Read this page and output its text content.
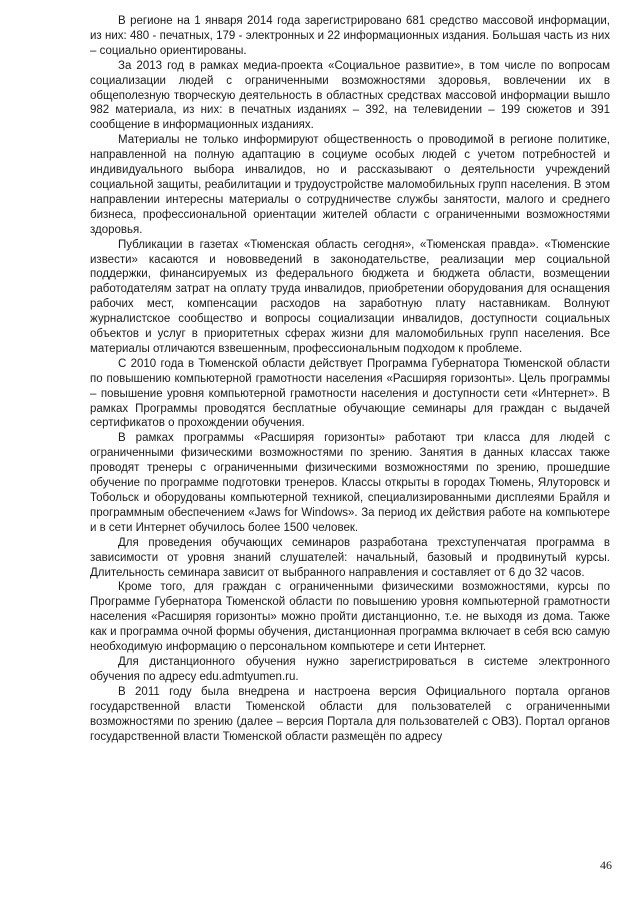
В регионе на 1 января 2014 года зарегистрировано 681 средство массовой информации, из них: 480 - печатных, 179 - электронных и 22 информационных издания. Большая часть из них – социально ориентированы.

За 2013 год в рамках медиа-проекта «Социальное развитие», в том числе по вопросам социализации людей с ограниченными возможностями здоровья, вовлечении их в общеполезную творческую деятельность в областных средствах массовой информации вышло 982 материала, из них: в печатных изданиях – 392, на телевидении – 199 сюжетов и 391 сообщение в информационных изданиях.

Материалы не только информируют общественность о проводимой в регионе политике, направленной на полную адаптацию в социуме особых людей с учетом потребностей и индивидуального выбора инвалидов, но и рассказывают о деятельности учреждений социальной защиты, реабилитации и трудоустройстве маломобильных групп населения. В этом направлении интересны материалы о сотрудничестве службы занятости, малого и среднего бизнеса, профессиональной ориентации жителей области с ограниченными возможностями здоровья.

Публикации в газетах «Тюменская область сегодня», «Тюменская правда». «Тюменские извести» касаются и нововведений в законодательстве, реализации мер социальной поддержки, финансируемых из федерального бюджета и бюджета области, возмещении работодателям затрат на оплату труда инвалидов, приобретении оборудования для оснащения рабочих мест, компенсации расходов на заработную плату наставникам. Волнуют журналистское сообщество и вопросы социализации инвалидов, доступности социальных объектов и услуг в приоритетных сферах жизни для маломобильных групп населения. Все материалы отличаются взвешенным, профессиональным подходом к проблеме.

С 2010 года в Тюменской области действует Программа Губернатора Тюменской области по повышению компьютерной грамотности населения «Расширяя горизонты». Цель программы – повышение уровня компьютерной грамотности населения и доступности сети «Интернет». В рамках Программы проводятся бесплатные обучающие семинары для граждан с выдачей сертификатов о прохождении обучения.

В рамках программы «Расширяя горизонты» работают три класса для людей с ограниченными физическими возможностями по зрению. Занятия в данных классах также проводят тренеры с ограниченными физическими возможностями по зрению, прошедшие обучение по программе подготовки тренеров. Классы открыты в городах Тюмень, Ялуторовск и Тобольск и оборудованы компьютерной техникой, специализированными дисплеями Брайля и программным обеспечением «Jaws for Windows». За период их действия работе на компьютере и в сети Интернет обучилось более 1500 человек.

Для проведения обучающих семинаров разработана трехступенчатая программа в зависимости от уровня знаний слушателей: начальный, базовый и продвинутый курсы. Длительность семинара зависит от выбранного направления и составляет от 6 до 32 часов.

Кроме того, для граждан с ограниченными физическими возможностями, курсы по Программе Губернатора Тюменской области по повышению уровня компьютерной грамотности населения «Расширяя горизонты» можно пройти дистанционно, т.е. не выходя из дома. Также как и программа очной формы обучения, дистанционная программа включает в себя всю самую необходимую информацию о персональном компьютере и сети Интернет.

Для дистанционного обучения нужно зарегистрироваться в системе электронного обучения по адресу edu.admtyumen.ru.

В 2011 году была внедрена и настроена версия Официального портала органов государственной власти Тюменской области для пользователей с ограниченными возможностями по зрению (далее – версия Портала для пользователей с ОВЗ). Портал органов государственной власти Тюменской области размещён по адресу

46
